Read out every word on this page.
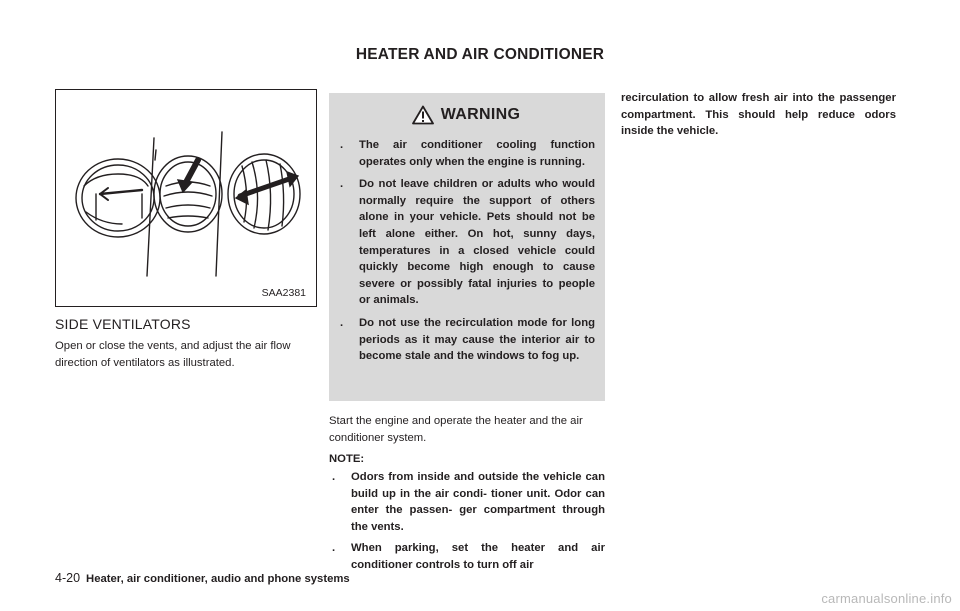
HEATER AND AIR CONDITIONER
SAA2381
SIDE VENTILATORS

Open or close the vents, and adjust the air flow direction of ventilators as illustrated.

WARNING
. The air conditioner cooling function operates only when the engine is running.
. Do not leave children or adults who would normally require the support of others alone in your vehicle. Pets should not be left alone either. On hot, sunny days, temperatures in a closed vehicle could quickly become high enough to cause severe or possibly fatal injuries to people or animals.
. Do not use the recirculation mode for long periods as it may cause the interior air to become stale and the windows to fog up.

Start the engine and operate the heater and the air conditioner system.

NOTE:

. Odors from inside and outside the vehicle can build up in the air condi- tioner unit. Odor can enter the passen- ger compartment through the vents.
. When parking, set the heater and air conditioner controls to turn off air

recirculation to allow fresh air into the passenger compartment. This should help reduce odors inside the vehicle.

4-20 Heater, air conditioner, audio and phone systems
carmanualsonline.info
